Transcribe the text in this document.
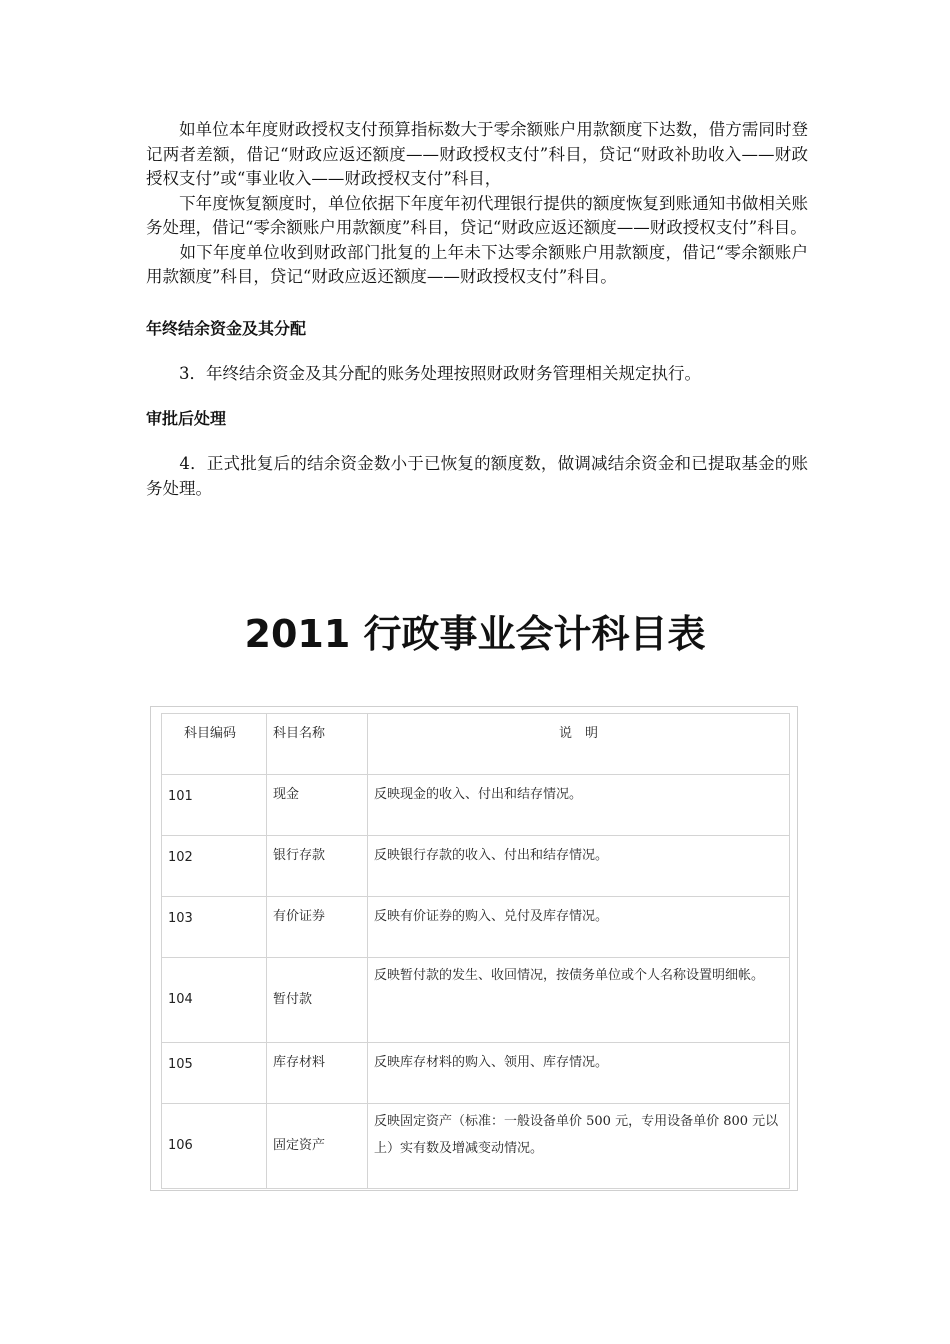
　　如单位本年度财政授权支付预算指标数大于零余额账户用款额度下达数，借方需同时登记两者差额，借记“财政应返还额度——财政授权支付”科目，贷记“财政补助收入——财政授权支付”或“事业收入——财政授权支付”科目，

　　下年度恢复额度时，单位依据下年度年初代理银行提供的额度恢复到账通知书做相关账务处理，借记“零余额账户用款额度”科目，贷记“财政应返还额度——财政授权支付”科目。

　　如下年度单位收到财政部门批复的上年未下达零余额账户用款额度，借记“零余额账户用款额度”科目，贷记“财政应返还额度——财政授权支付”科目。

年终结余资金及其分配

　　3．年终结余资金及其分配的账务处理按照财政财务管理相关规定执行。

审批后处理

　　4．正式批复后的结余资金数小于已恢复的额度数，做调减结余资金和已提取基金的账务处理。

2011 行政事业会计科目表
科目编码	科目名称	说　明
101	现金	反映现金的收入、付出和结存情况。
102	银行存款	反映银行存款的收入、付出和结存情况。
103	有价证券	反映有价证券的购入、兑付及库存情况。
104	暂付款	反映暂付款的发生、收回情况，按债务单位或个人名称设置明细帐。
105	库存材料	反映库存材料的购入、领用、库存情况。
106	固定资产	反映固定资产（标准：一般设备单价 500 元，专用设备单价 800 元以上）实有数及增减变动情况。
